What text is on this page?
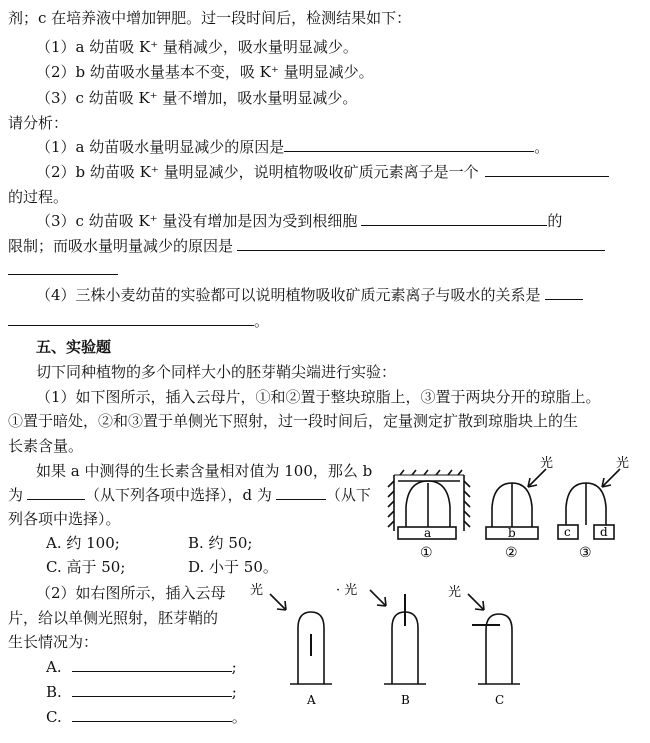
剂；c 在培养液中增加钾肥。过一段时间后，检测结果如下：
（1）a 幼苗吸 K⁺ 量稍减少，吸水量明显减少。
（2）b 幼苗吸水量基本不变，吸 K⁺ 量明显减少。
（3）c 幼苗吸 K⁺ 量不增加，吸水量明显减少。
请分析：
（1）a 幼苗吸水量明显减少的原因是	。
（2）b 幼苗吸 K⁺ 量明显减少，说明植物吸收矿质元素离子是一个
的过程。
（3）c 幼苗吸 K⁺ 量没有增加是因为受到根细胞	的
限制；而吸水量明量减少的原因是
（4）三株小麦幼苗的实验都可以说明植物吸收矿质元素离子与吸水的关系是
。
五、实验题
切下同种植物的多个同样大小的胚芽鞘尖端进行实验：
（1）如下图所示，插入云母片，①和②置于整块琼脂上，③置于两块分开的琼脂上。
①置于暗处，②和③置于单侧光下照射，过一段时间后，定量测定扩散到琼脂块上的生
长素含量。
如果 a 中测得的生长素含量相对值为 100，那么 b
为	（从下列各项中选择），d 为	（从下
列各项中选择）。
A. 约 100;	B. 约 50;
C. 高于 50;	D. 小于 50。
（2）如右图所示，插入云母
片，给以单侧光照射，胚芽鞘的
生长情况为：
A.	;
B.	;
C.	。
光	光
a	b	c d
①	②	③
光	· 光	光
A	B	C
